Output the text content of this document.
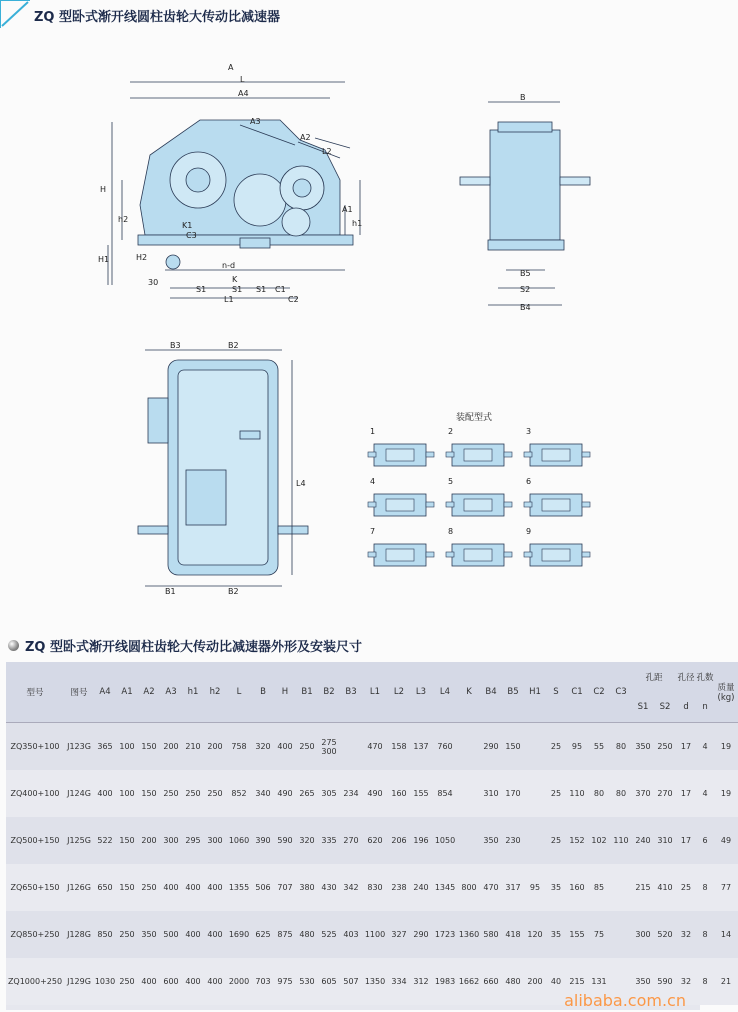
ZQ 型卧式渐开线圆柱齿轮大传动比减速器
A
L
A4
A3
A2
L2
H
h2
A1
h1
H1	H2
K1
C3
n-d
K
30
S1	S1 S1 C1
L1	C2
B
B5
S2
B4
B3	B2
L4
B1	B2
装配型式
1	2	3
4	5	6
7	8	9
ZQ 型卧式渐开线圆柱齿轮大传动比减速器外形及安装尺寸
型号	图号	A4	A1	A2	A3	h1	h2	L	B	H	B1	B2	B3	L1	L2	L3	L4	K	B4	B5	H1	S	C1	C2	C3	孔距		孔径	孔数	质量(kg)
																										S1	S2	d	n	
ZQ350+100	J123G	365	100	150	200	210	200	758	320	400	250	275 300		470	158	137	760		290	150		25	95	55	80	350	250	17	4	19
ZQ400+100	J124G	400	100	150	250	250	250	852	340	490	265	305	234	490	160	155	854		310	170		25	110	80	80	370	270	17	4	19
ZQ500+150	J125G	522	150	200	300	295	300	1060	390	590	320	335	270	620	206	196	1050		350	230		25	152	102	110	240	310	17	6	49
ZQ650+150	J126G	650	150	250	400	400	400	1355	506	707	380	430	342	830	238	240	1345	800	470	317	95	35	160	85		215	410	25	8	77
ZQ850+250	J128G	850	250	350	500	400	400	1690	625	875	480	525	403	1100	327	290	1723	1360	580	418	120	35	155	75		300	520	32	8	14
ZQ1000+250	J129G	1030	250	400	600	400	400	2000	703	975	530	605	507	1350	334	312	1983	1662	660	480	200	40	215	131		350	590	32	8	21
alibaba.com.cn
